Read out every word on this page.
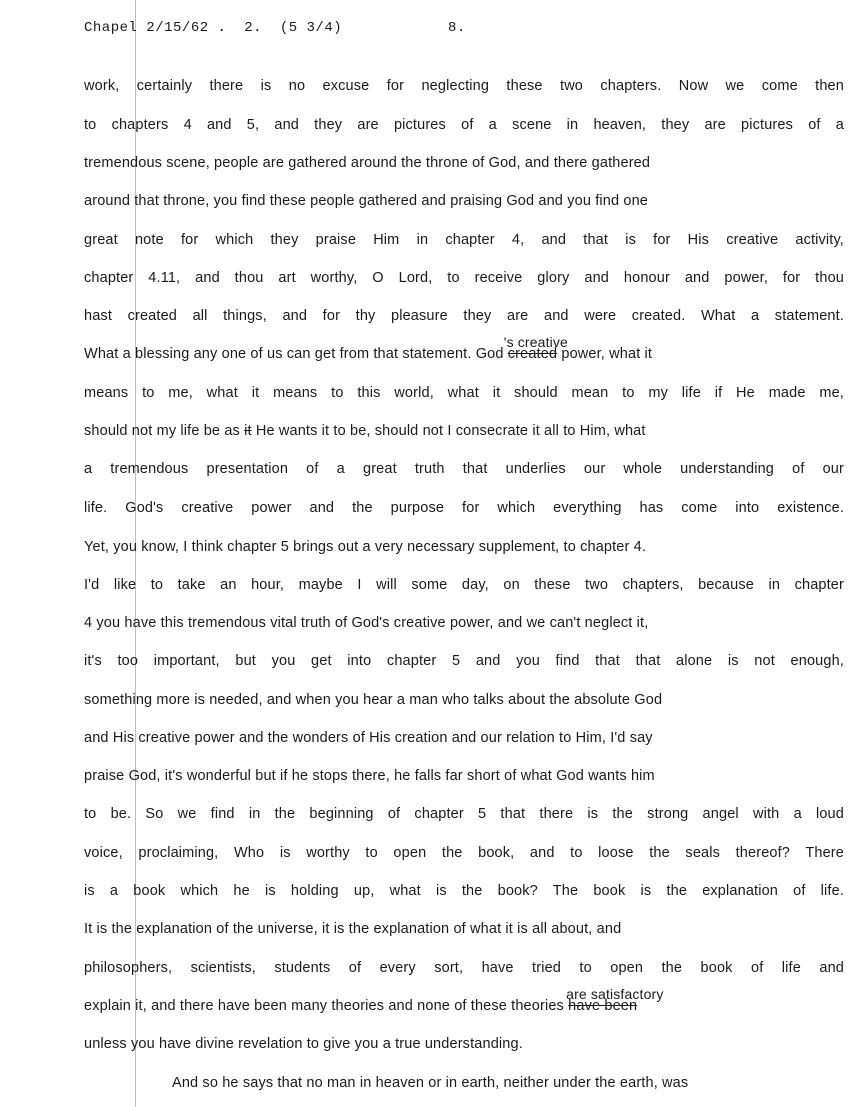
Chapel 2/15/62 .  2.  (5 3/4)	8.
work, certainly there is no excuse for neglecting these two chapters. Now we come then
to chapters 4 and 5, and they are pictures of a scene in heaven, they are pictures of a
tremendous scene, people are gathered around the throne of God, and there gathered
around that throne, you find these people gathered and praising God and you find one
great note for which they praise Him in chapter 4, and that is for His creative activity,
chapter 4.11, and thou art worthy, O Lord, to receive glory and honour and power, for thou
hast created all things, and for thy pleasure they are and were created. What a statement.
What a blessing any one of us can get from that statement. God
's creative
created power, what it
means to me, what it means to this world, what it should mean to my life if He made me,
should not my life be as it He wants it to be, should not I consecrate it all to Him, what
a tremendous presentation of a great truth that underlies our whole understanding of our
life. God's creative power and the purpose for which everything has come into existence.
Yet, you know, I think chapter 5 brings out a very necessary supplement, to chapter 4.
I'd like to take an hour, maybe I will some day, on these two chapters, because in chapter
4 you have this tremendous vital truth of God's creative power, and we can't neglect it,
it's too important, but you get into chapter 5 and you find that that alone is not enough,
something more is needed, and when you hear a man who talks about the absolute God
and His creative power and the wonders of His creation and our relation to Him, I'd say
praise God, it's wonderful but if he stops there, he falls far short of what God wants him
to be. So we find in the beginning of chapter 5 that there is the strong angel with a loud
voice, proclaiming, Who is worthy to open the book, and to loose the seals thereof? There
is a book which he is holding up, what is the book? The book is the explanation of life.
It is the explanation of the universe, it is the explanation of what it is all about, and
philosophers, scientists, students of every sort, have tried to open the book of life and
explain it, and there have been many theories and none of these theories
are satisfactory
have been
unless you have divine revelation to give you a true understanding.
And so he says that no man in heaven or in earth, neither under the earth, was
